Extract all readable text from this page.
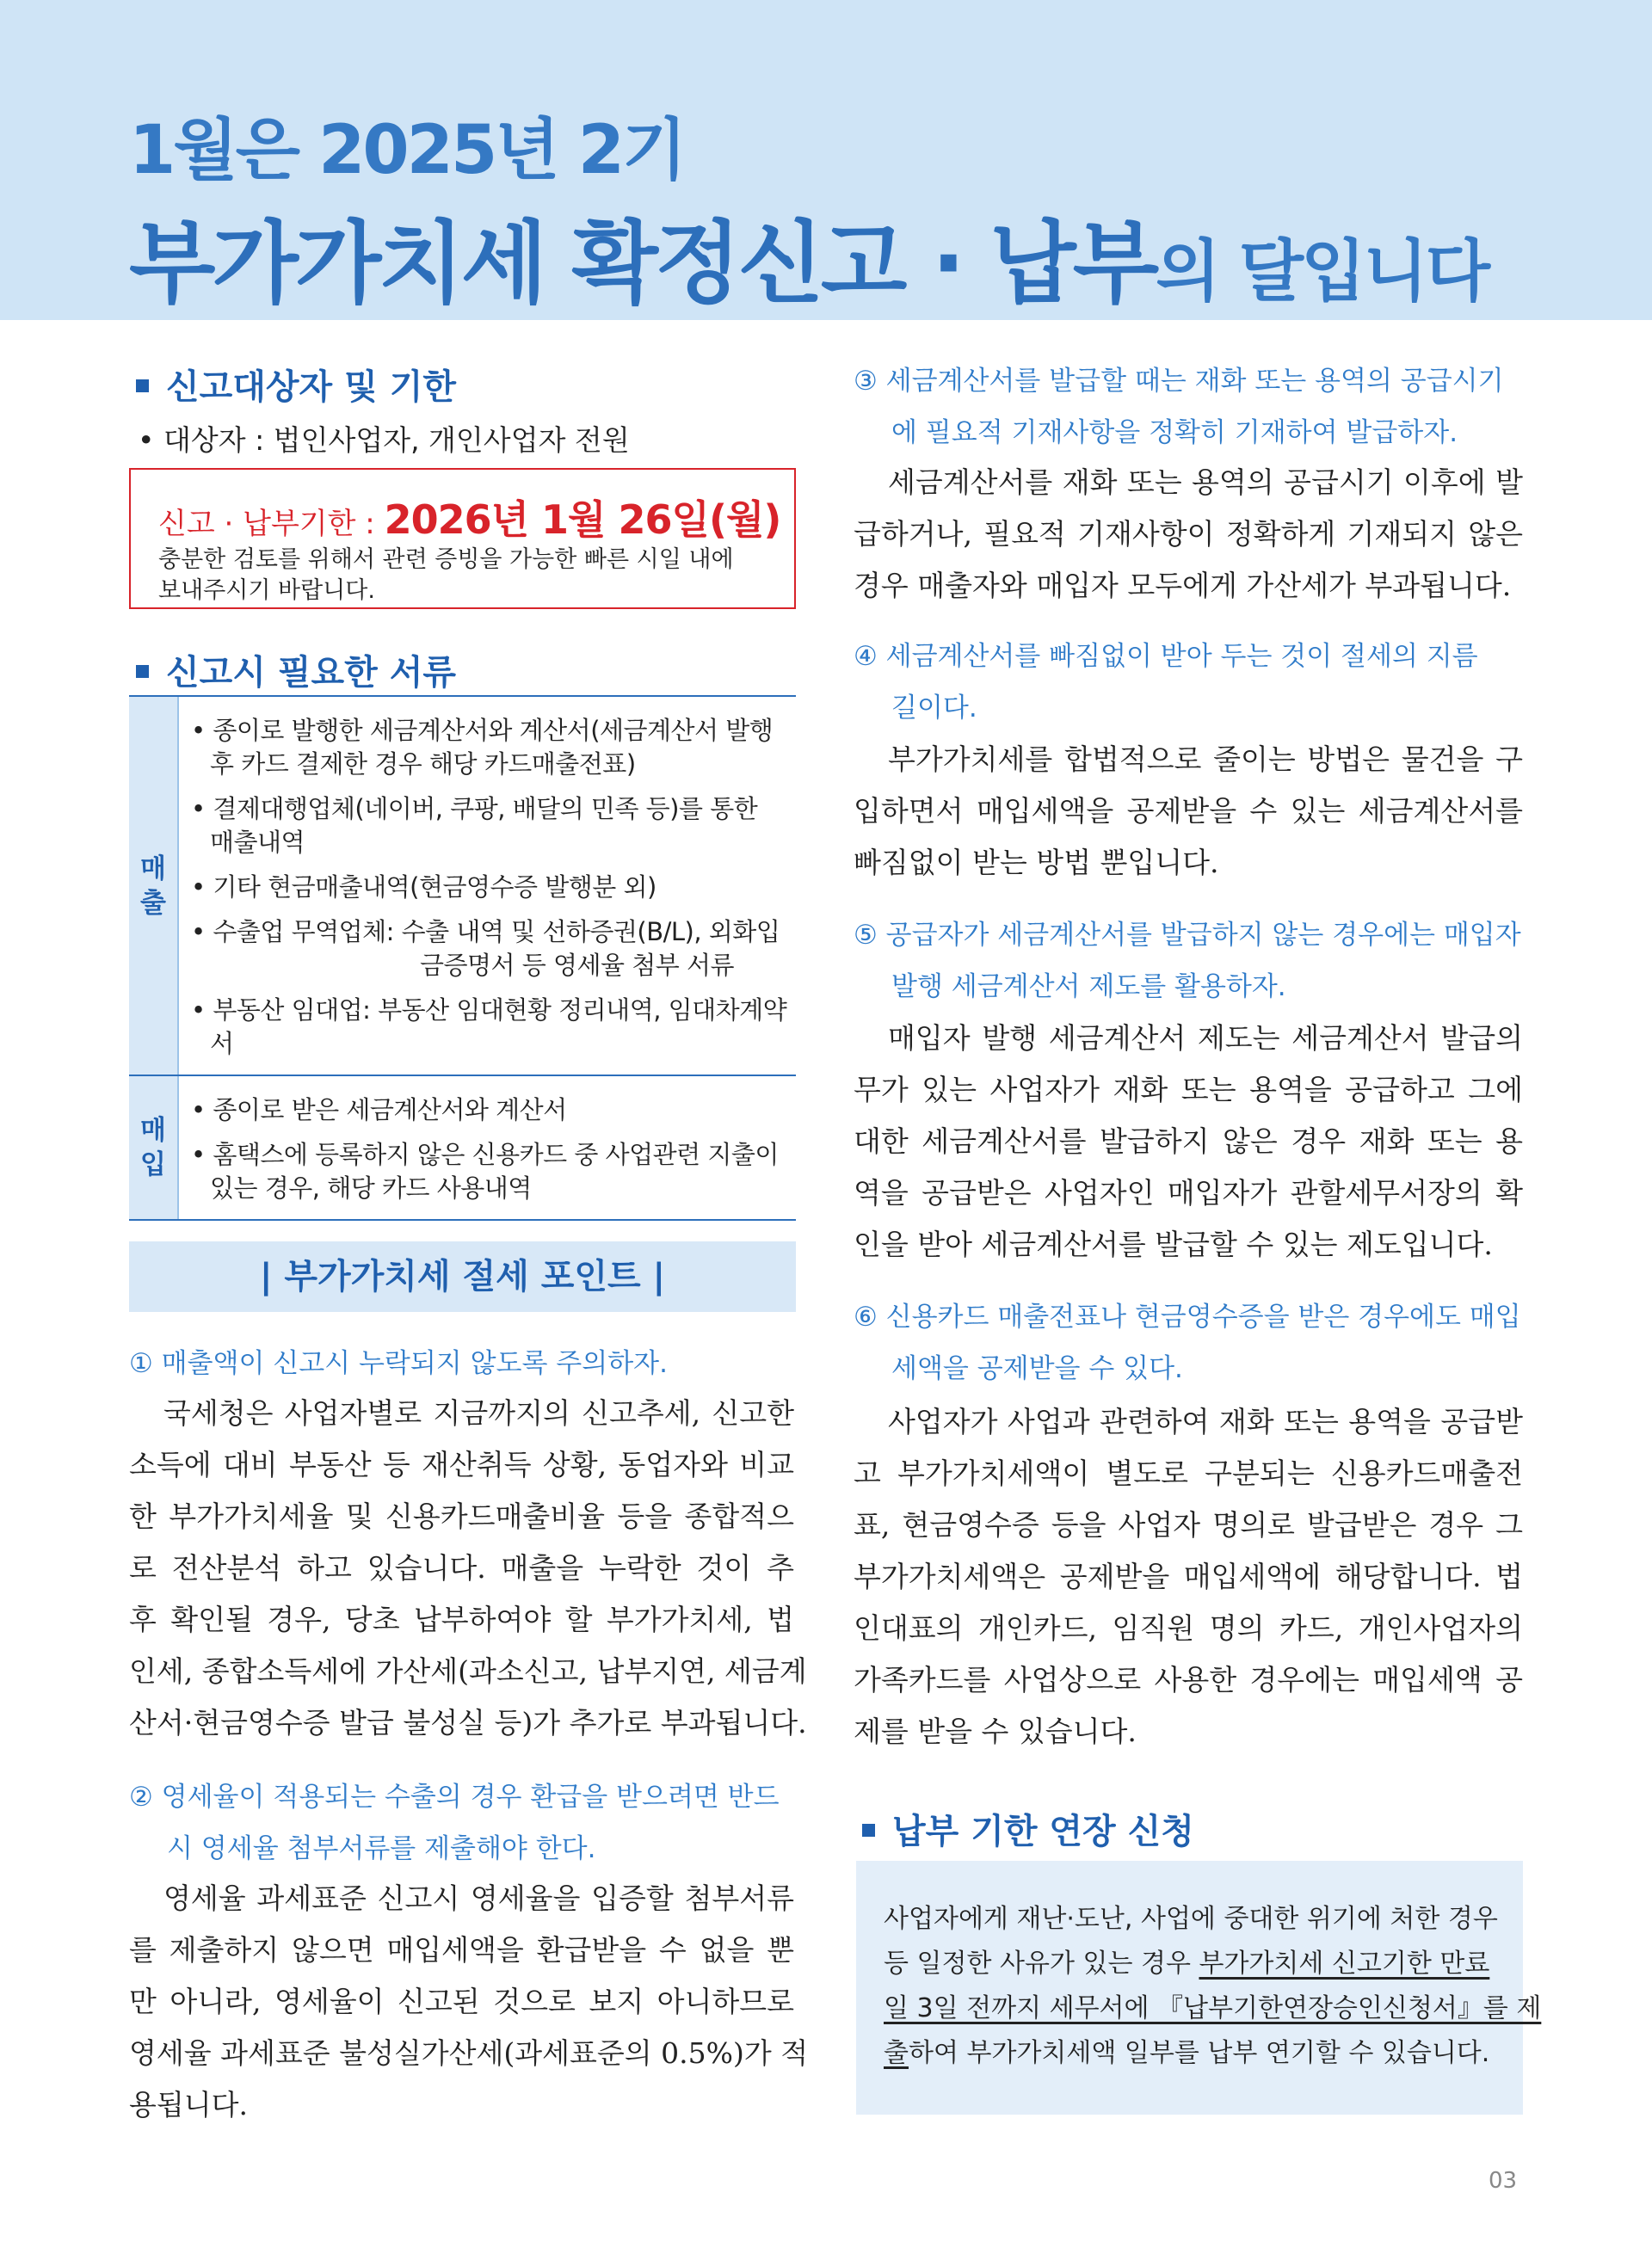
1월은 2025년 2기
부가가치세 확정신고 · 납부의 달입니다
신고대상자 및 기한
• 대상자 : 법인사업자, 개인사업자 전원
신고 · 납부기한 : 2026년 1월 26일(월)
충분한 검토를 위해서 관련 증빙을 가능한 빠른 시일 내에
보내주시기 바랍니다.
신고시 필요한 서류
매출
• 종이로 발행한 세금계산서와 계산서(세금계산서 발행
후 카드 결제한 경우 해당 카드매출전표)
• 결제대행업체(네이버, 쿠팡, 배달의 민족 등)를 통한
매출내역
• 기타 현금매출내역(현금영수증 발행분 외)
• 수출업 무역업체: 수출 내역 및 선하증권(B/L), 외화입
금증명서 등 영세율 첨부 서류
• 부동산 임대업: 부동산 임대현황 정리내역, 임대차계약서
매입
• 종이로 받은 세금계산서와 계산서
• 홈택스에 등록하지 않은 신용카드 중 사업관련 지출이
있는 경우, 해당 카드 사용내역
| 부가가치세 절세 포인트 |
① 매출액이 신고시 누락되지 않도록 주의하자.
국세청은 사업자별로 지금까지의 신고추세, 신고한
소득에 대비 부동산 등 재산취득 상황, 동업자와 비교
한 부가가치세율 및 신용카드매출비율 등을 종합적으
로 전산분석 하고 있습니다. 매출을 누락한 것이 추
후 확인될 경우, 당초 납부하여야 할 부가가치세, 법
인세, 종합소득세에 가산세(과소신고, 납부지연, 세금계
산서·현금영수증 발급 불성실 등)가 추가로 부과됩니다.
② 영세율이 적용되는 수출의 경우 환급을 받으려면 반드
시 영세율 첨부서류를 제출해야 한다.
영세율 과세표준 신고시 영세율을 입증할 첨부서류
를 제출하지 않으면 매입세액을 환급받을 수 없을 뿐
만 아니라, 영세율이 신고된 것으로 보지 아니하므로
영세율 과세표준 불성실가산세(과세표준의 0.5%)가 적
용됩니다.
③ 세금계산서를 발급할 때는 재화 또는 용역의 공급시기
에 필요적 기재사항을 정확히 기재하여 발급하자.
세금계산서를 재화 또는 용역의 공급시기 이후에 발
급하거나, 필요적 기재사항이 정확하게 기재되지 않은
경우 매출자와 매입자 모두에게 가산세가 부과됩니다.
④ 세금계산서를 빠짐없이 받아 두는 것이 절세의 지름
길이다.
부가가치세를 합법적으로 줄이는 방법은 물건을 구
입하면서 매입세액을 공제받을 수 있는 세금계산서를
빠짐없이 받는 방법 뿐입니다.
⑤ 공급자가 세금계산서를 발급하지 않는 경우에는 매입자
발행 세금계산서 제도를 활용하자.
매입자 발행 세금계산서 제도는 세금계산서 발급의
무가 있는 사업자가 재화 또는 용역을 공급하고 그에
대한 세금계산서를 발급하지 않은 경우 재화 또는 용
역을 공급받은 사업자인 매입자가 관할세무서장의 확
인을 받아 세금계산서를 발급할 수 있는 제도입니다.
⑥ 신용카드 매출전표나 현금영수증을 받은 경우에도 매입
세액을 공제받을 수 있다.
사업자가 사업과 관련하여 재화 또는 용역을 공급받
고 부가가치세액이 별도로 구분되는 신용카드매출전
표, 현금영수증 등을 사업자 명의로 발급받은 경우 그
부가가치세액은 공제받을 매입세액에 해당합니다. 법
인대표의 개인카드, 임직원 명의 카드, 개인사업자의
가족카드를 사업상으로 사용한 경우에는 매입세액 공
제를 받을 수 있습니다.
납부 기한 연장 신청
사업자에게 재난·도난, 사업에 중대한 위기에 처한 경우
등 일정한 사유가 있는 경우 부가가치세 신고기한 만료
일 3일 전까지 세무서에 『납부기한연장승인신청서』를 제
출하여 부가가치세액 일부를 납부 연기할 수 있습니다.
03
